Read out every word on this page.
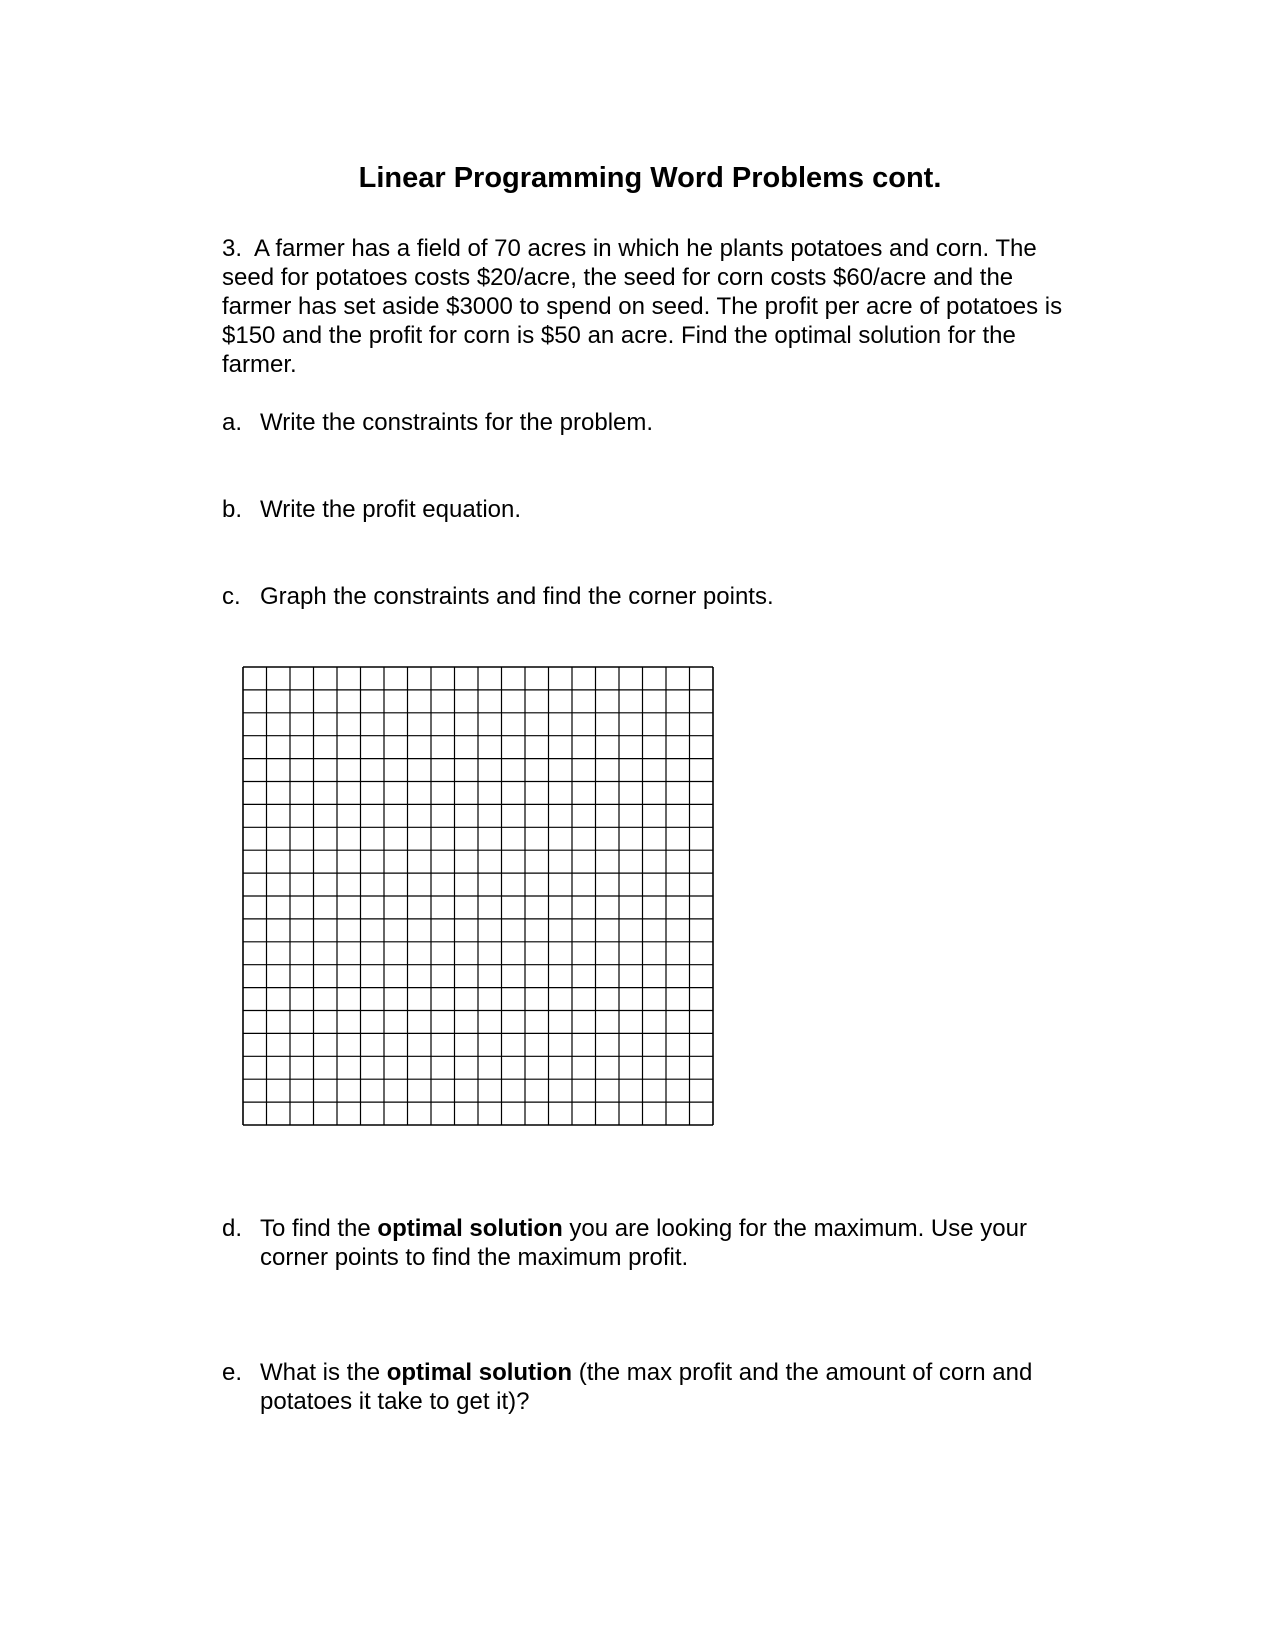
Linear Programming Word Problems cont.

3. A farmer has a field of 70 acres in which he plants potatoes and corn. The seed for potatoes costs $20/acre, the seed for corn costs $60/acre and the farmer has set aside $3000 to spend on seed. The profit per acre of potatoes is $150 and the profit for corn is $50 an acre. Find the optimal solution for the farmer.

a. Write the constraints for the problem.
b. Write the profit equation.
c. Graph the constraints and find the corner points.
d. To find the optimal solution you are looking for the maximum. Use your corner points to find the maximum profit.
e. What is the optimal solution (the max profit and the amount of corn and potatoes it take to get it)?
